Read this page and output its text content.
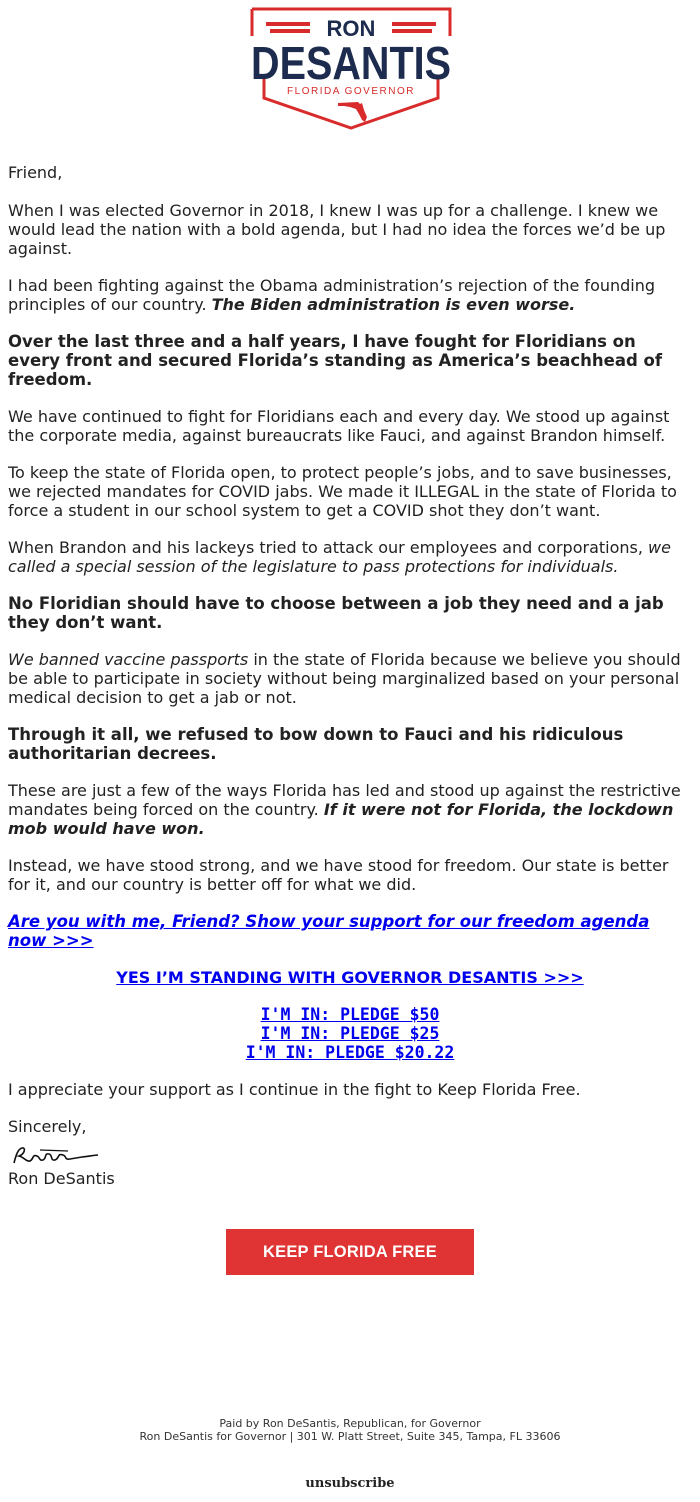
RON
DESANTIS
FLORIDA GOVERNOR

Friend,

When I was elected Governor in 2018, I knew I was up for a challenge. I knew we would lead the nation with a bold agenda, but I had no idea the forces we’d be up against.

I had been fighting against the Obama administration’s rejection of the founding principles of our country. The Biden administration is even worse.

Over the last three and a half years, I have fought for Floridians on every front and secured Florida’s standing as America’s beachhead of freedom.

We have continued to fight for Floridians each and every day. We stood up against the corporate media, against bureaucrats like Fauci, and against Brandon himself.

To keep the state of Florida open, to protect people’s jobs, and to save businesses, we rejected mandates for COVID jabs. We made it ILLEGAL in the state of Florida to force a student in our school system to get a COVID shot they don’t want.

When Brandon and his lackeys tried to attack our employees and corporations, we called a special session of the legislature to pass protections for individuals.

No Floridian should have to choose between a job they need and a jab they don’t want.

We banned vaccine passports in the state of Florida because we believe you should be able to participate in society without being marginalized based on your personal medical decision to get a jab or not.

Through it all, we refused to bow down to Fauci and his ridiculous authoritarian decrees.

These are just a few of the ways Florida has led and stood up against the restrictive mandates being forced on the country. If it were not for Florida, the lockdown mob would have won.

Instead, we have stood strong, and we have stood for freedom. Our state is better for it, and our country is better off for what we did.

Are you with me, Friend? Show your support for our freedom agenda now >>>

YES I’M STANDING WITH GOVERNOR DESANTIS >>>

I'M IN: PLEDGE $50
I'M IN: PLEDGE $25
I'M IN: PLEDGE $20.22

I appreciate your support as I continue in the fight to Keep Florida Free.

Sincerely,

Ron DeSantis

KEEP FLORIDA FREE
Paid by Ron DeSantis, Republican, for Governor
Ron DeSantis for Governor | 301 W. Platt Street, Suite 345, Tampa, FL 33606
unsubscribe
